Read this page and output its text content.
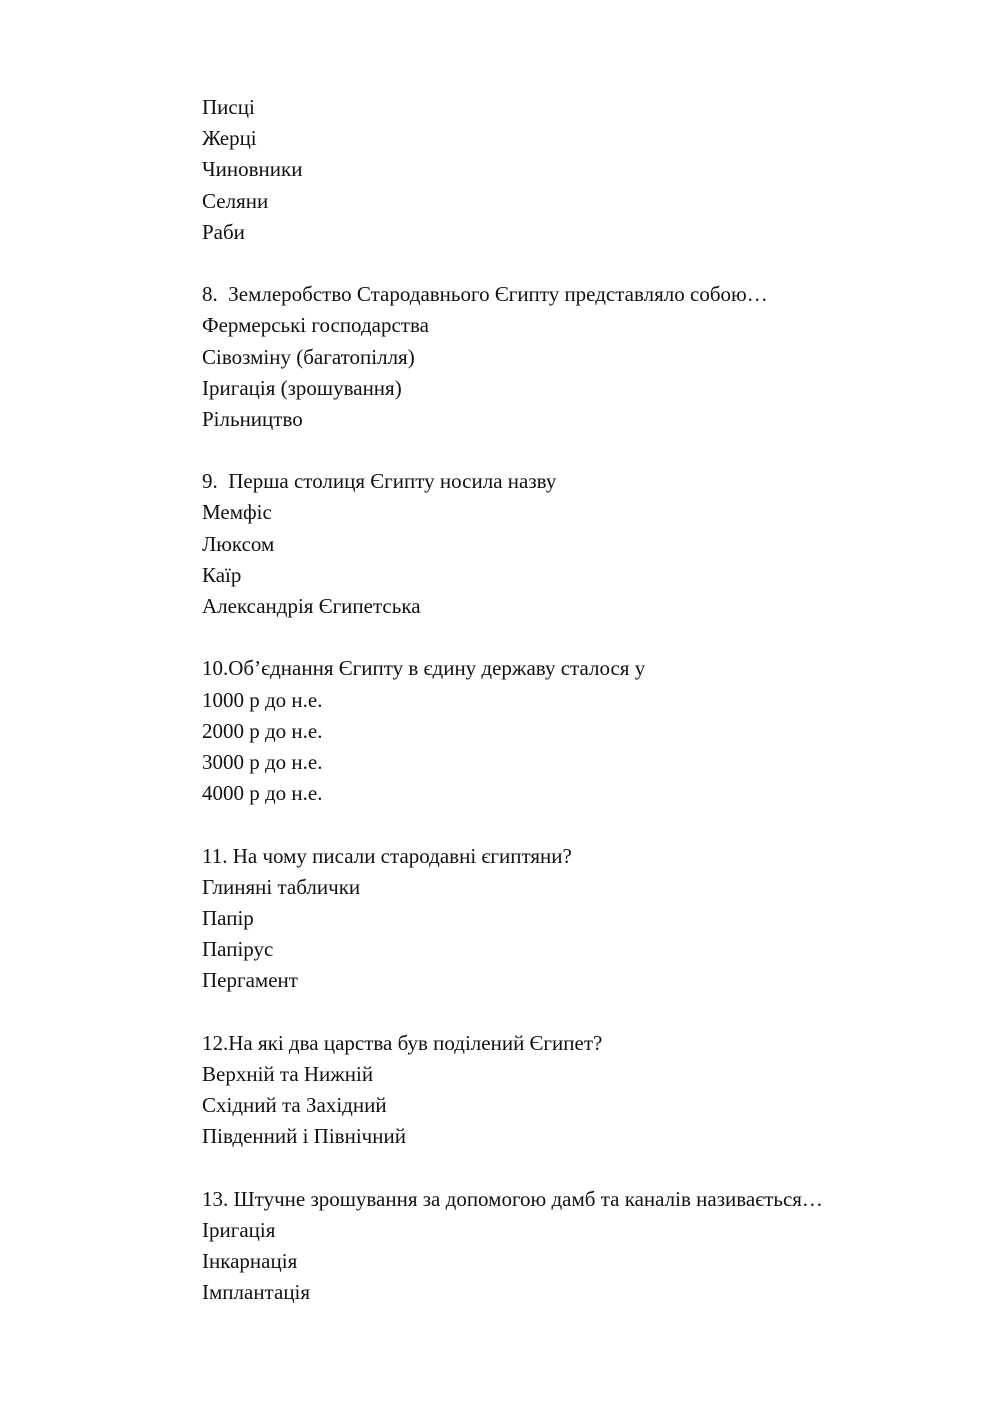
Писці
Жерці
Чиновники
Селяни
Раби
8.  Землеробство Стародавнього Єгипту представляло собою…
Фермерські господарства
Сівозміну (багатопілля)
Іригація (зрошування)
Рільництво
9.  Перша столиця Єгипту носила назву
Мемфіс
Люксом
Каїр
Александрія Єгипетська
10.Об’єднання Єгипту в єдину державу сталося у
1000 р до н.е.
2000 р до н.е.
3000 р до н.е.
4000 р до н.е.
11. На чому писали стародавні єгиптяни?
Глиняні таблички
Папір
Папірус
Пергамент
12.На які два царства був поділений Єгипет?
Верхній та Нижній
Східний та Західний
Південний і Північний
13. Штучне зрошування за допомогою дамб та каналів називається…
Іригація
Інкарнація
Імплантація
